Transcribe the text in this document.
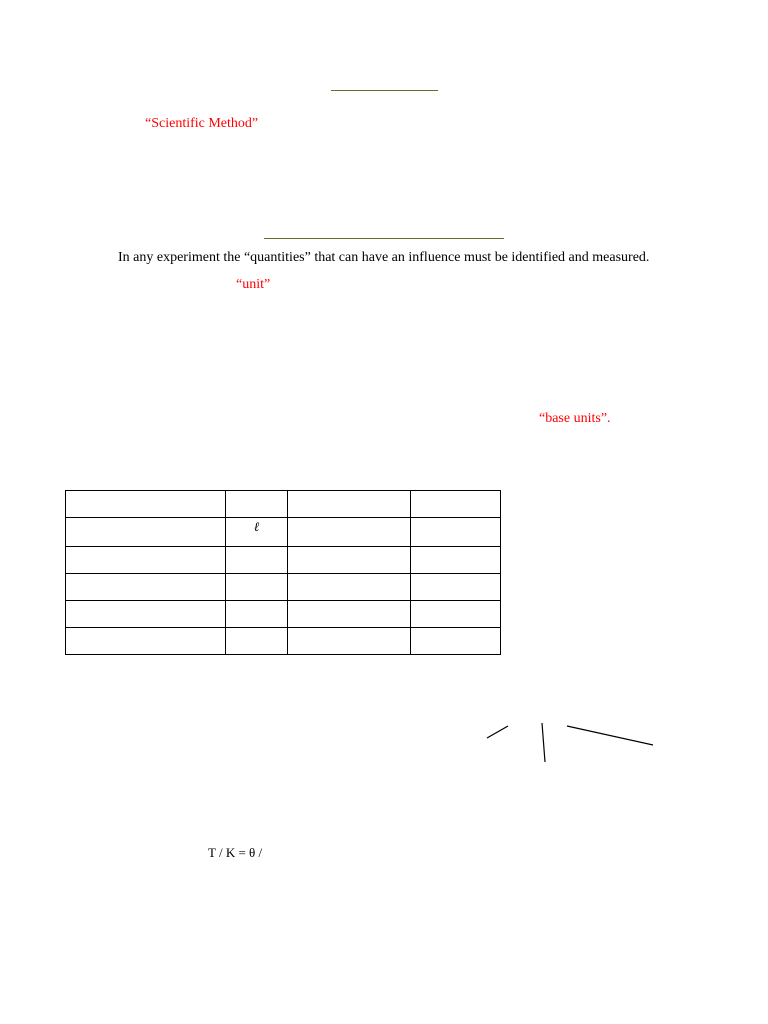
“Scientific Method”
In any experiment the “quantities” that can have an influence must be identified and measured.
“unit”
“base units”.

	ℓ		

T / K = θ /
